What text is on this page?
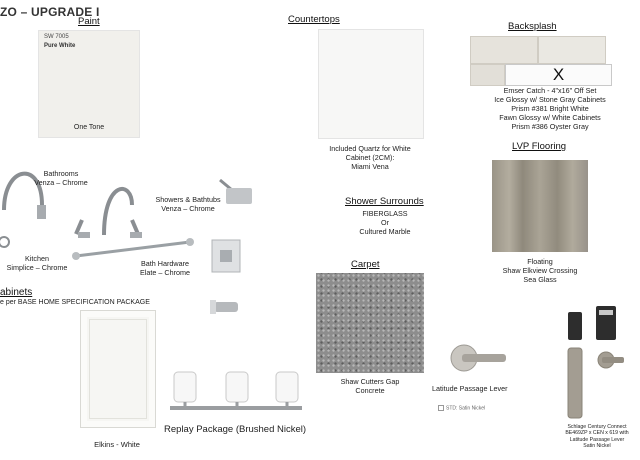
ZO – UPGRADE I
Paint
SW 7005
Pure White
One Tone
Countertops
Included Quartz for White
Cabinet (2CM):
Miami Vena
Backsplash
X
Emser Catch - 4"x16" Off Set
Ice Glossy w/ Stone Gray Cabinets
Prism #381 Bright White
Fawn Glossy w/ White Cabinets
Prism #386 Oyster Gray
Bathrooms
Venza – Chrome
Showers & Bathtubs
Venza – Chrome
Kitchen
Simplice – Chrome	Bath Hardware
Elate – Chrome
Shower Surrounds
FIBERGLASS
Or
Cultured Marble
LVP Flooring
Floating
Shaw Elkview Crossing
Sea Glass
Carpet
Shaw Cutters Gap
Concrete
abinets
e per BASE HOME SPECIFICATION PACKAGE
Elkins - White
Replay Package (Brushed Nickel)
Latitude Passage Lever
STD: Satin Nickel
Schlage Century Connect
BE469ZP x CEN x 619 with
Latitude Passage Lever
Satin Nickel
